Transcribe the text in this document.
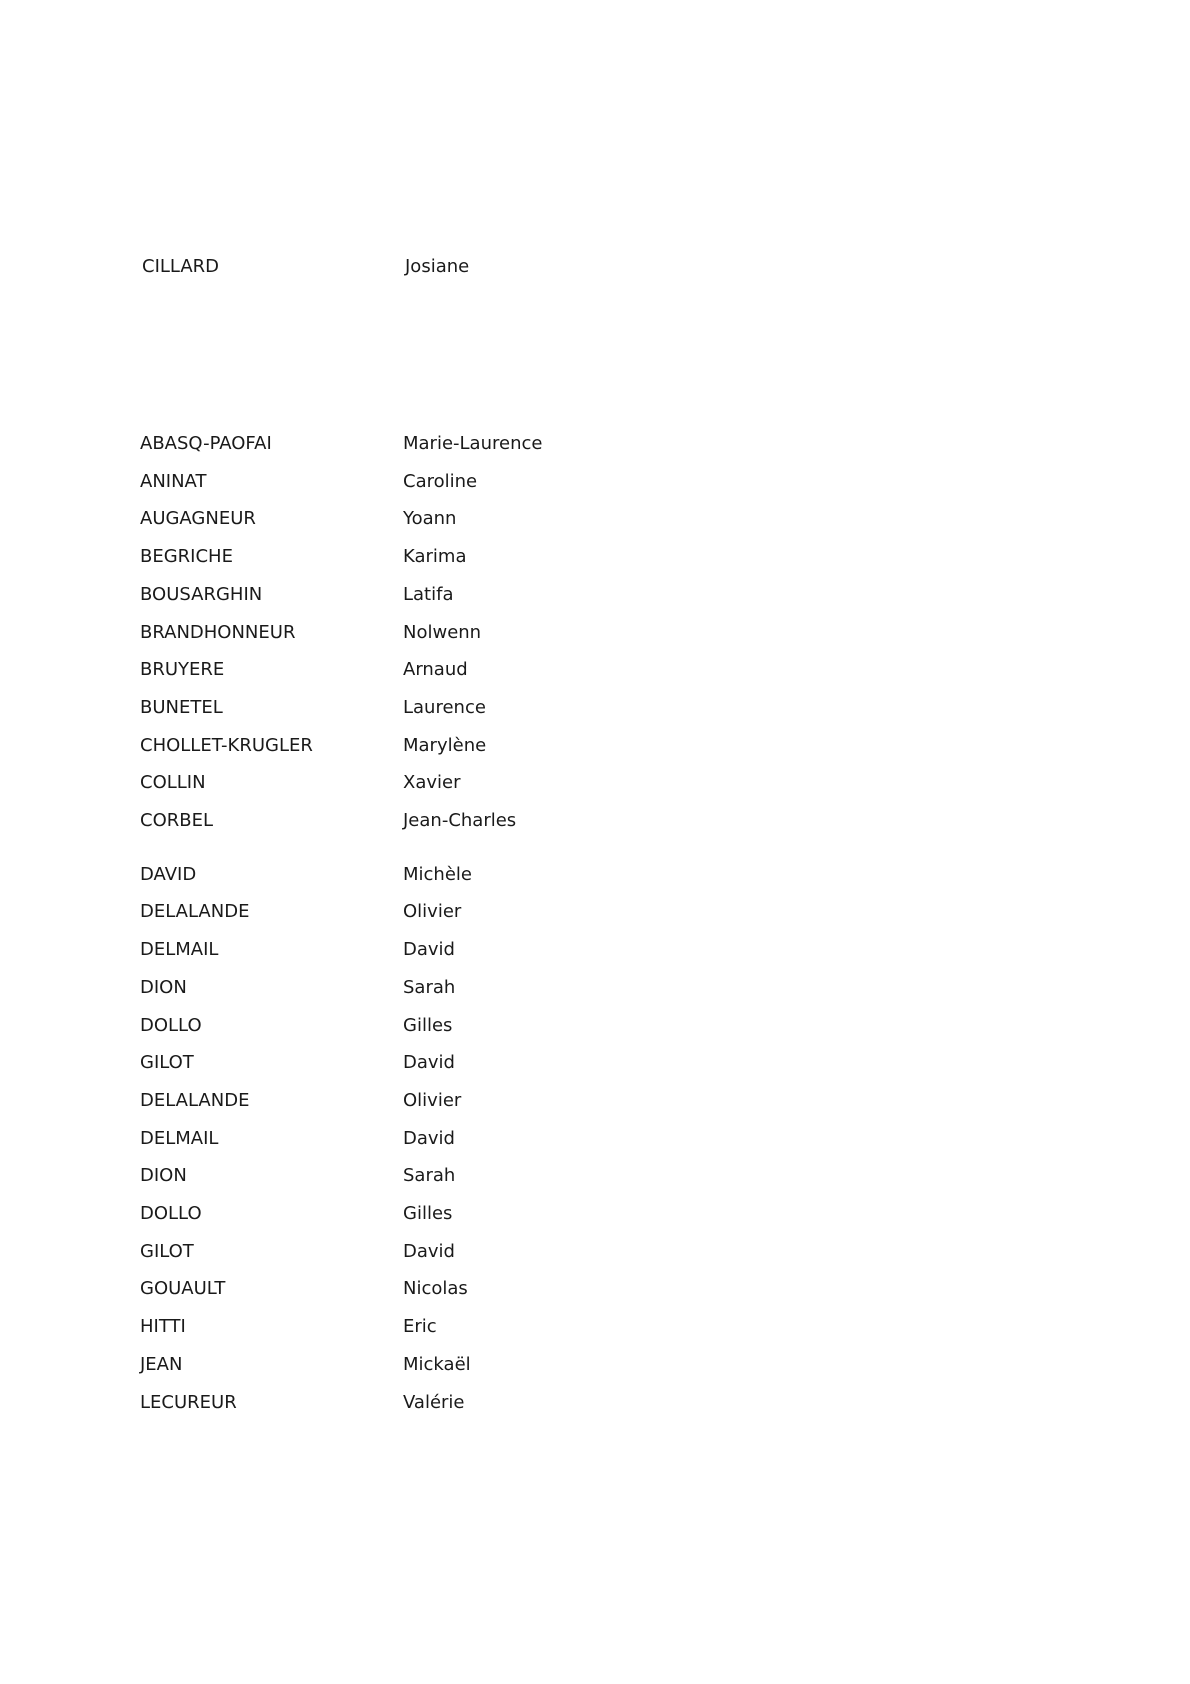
CILLARD	Josiane
ABASQ-PAOFAI	Marie-Laurence
ANINAT	Caroline
AUGAGNEUR	Yoann
BEGRICHE	Karima
BOUSARGHIN	Latifa
BRANDHONNEUR	Nolwenn
BRUYERE	Arnaud
BUNETEL	Laurence
CHOLLET-KRUGLER	Marylène
COLLIN	Xavier
CORBEL	Jean-Charles
DAVID	Michèle
DELALANDE	Olivier
DELMAIL	David
DION	Sarah
DOLLO	Gilles
GILOT	David
DELALANDE	Olivier
DELMAIL	David
DION	Sarah
DOLLO	Gilles
GILOT	David
GOUAULT	Nicolas
HITTI	Eric
JEAN	Mickaël
LECUREUR	Valérie
